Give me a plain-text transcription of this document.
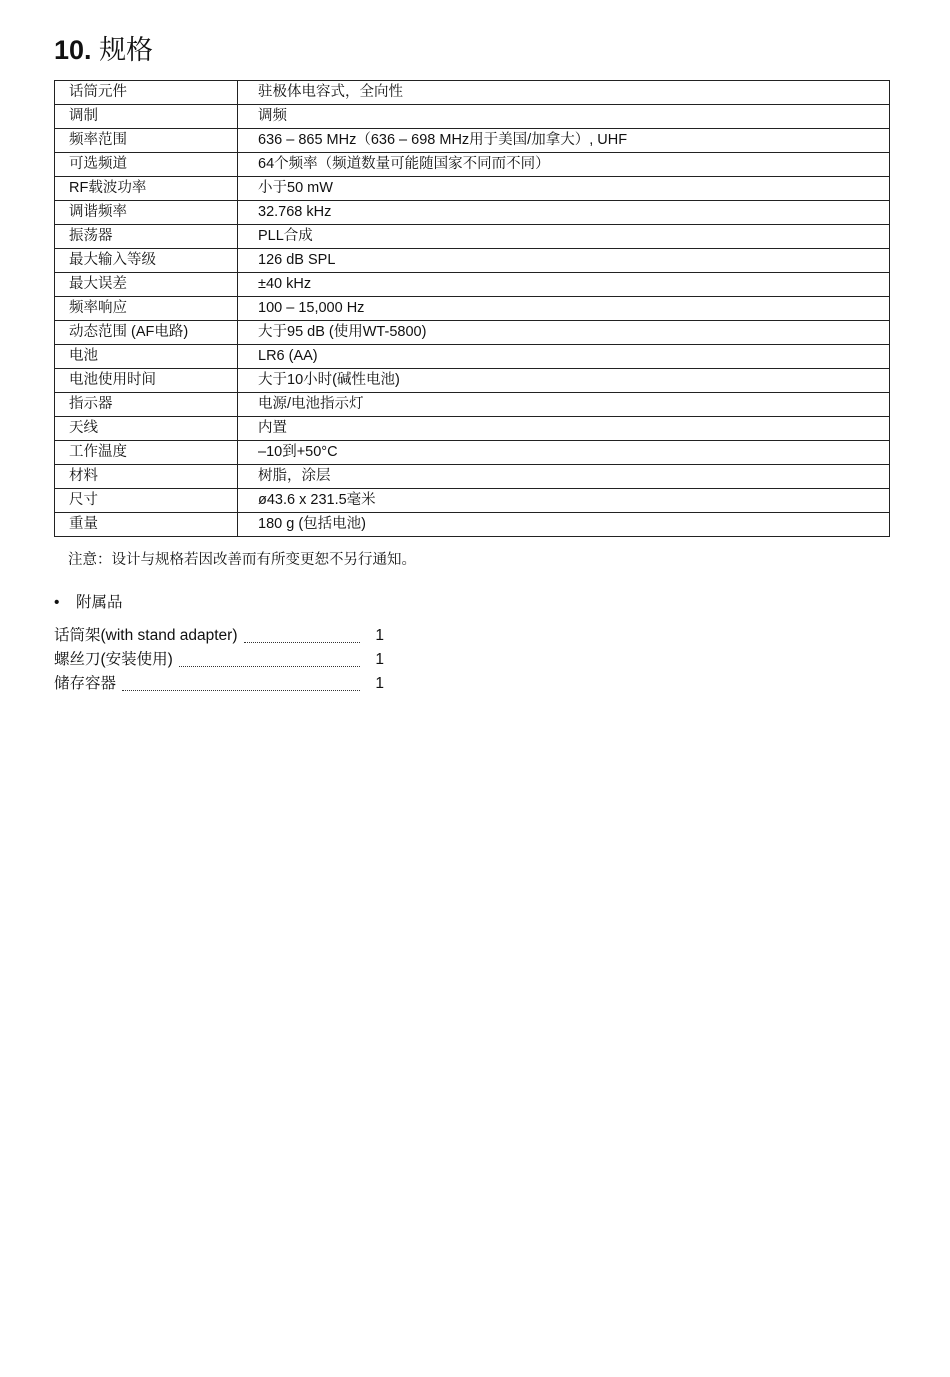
10. 规格
话筒元件	驻极体电容式，全向性
调制	调频
频率范围	636 – 865 MHz（636 – 698 MHz用于美国/加拿大）, UHF
可选频道	64个频率（频道数量可能随国家不同而不同）
RF载波功率	小于50 mW
调谐频率	32.768 kHz
振荡器	PLL合成
最大输入等级	126 dB SPL
最大误差	±40 kHz
频率响应	100 – 15,000 Hz
动态范围 (AF电路)	大于95 dB (使用WT-5800)
电池	LR6 (AA)
电池使用时间	大于10小时(碱性电池)
指示器	电源/电池指示灯
天线	内置
工作温度	–10到+50°C
材料	树脂，涂层
尺寸	ø43.6 x 231.5毫米
重量	180 g (包括电池)
注意：设计与规格若因改善而有所变更恕不另行通知。
• 附属品
话筒架(with stand adapter)	1
螺丝刀(安装使用)	1
储存容器	1
